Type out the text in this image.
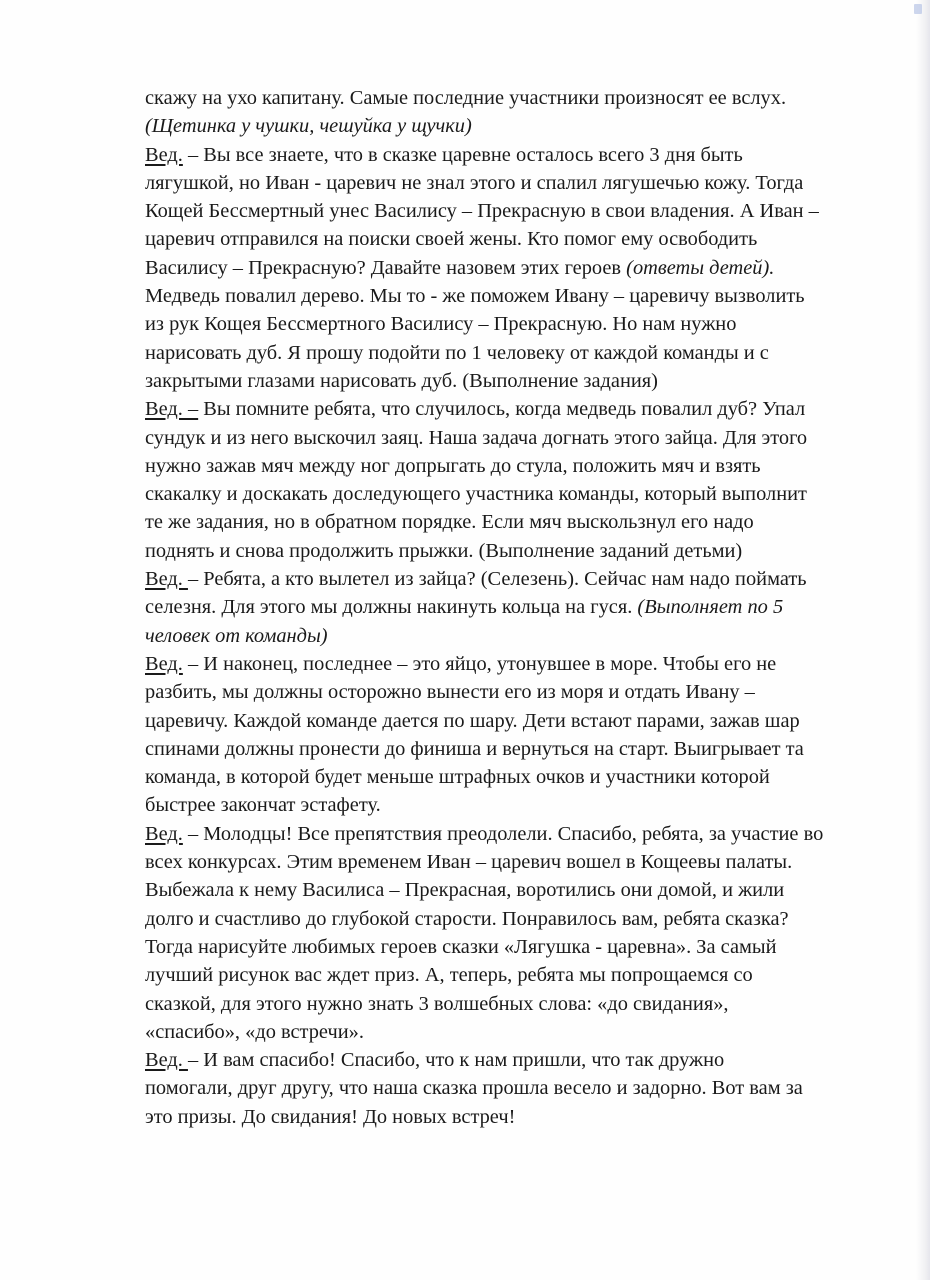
скажу на ухо капитану. Самые последние участники произносят ее вслух.
(Щетинка у чушки, чешуйка у щучки)
Вед. – Вы все знаете, что в сказке царевне осталось всего 3 дня быть
лягушкой, но Иван - царевич не знал этого и спалил лягушечью кожу. Тогда
Кощей Бессмертный унес Василису – Прекрасную в свои владения. А Иван –
царевич отправился на поиски своей жены. Кто помог ему освободить
Василису – Прекрасную? Давайте назовем этих героев (ответы детей).
Медведь повалил дерево. Мы то - же поможем Ивану – царевичу вызволить
из рук Кощея Бессмертного Василису – Прекрасную. Но нам нужно
нарисовать дуб. Я прошу подойти по 1 человеку от каждой команды и с
закрытыми глазами нарисовать дуб. (Выполнение задания)
Вед. – Вы помните ребята, что случилось, когда медведь повалил дуб? Упал
сундук и из него выскочил заяц. Наша задача догнать этого зайца. Для этого
нужно зажав мяч между ног допрыгать до стула, положить мяч и взять
скакалку и доскакать доследующего участника команды, который выполнит
те же задания, но в обратном порядке. Если мяч выскользнул его надо
поднять и снова продолжить прыжки. (Выполнение заданий детьми)
Вед. – Ребята, а кто вылетел из зайца? (Селезень). Сейчас нам надо поймать
селезня. Для этого мы должны накинуть кольца на гуся. (Выполняет по 5
человек от команды)
Вед. – И наконец, последнее – это яйцо, утонувшее в море. Чтобы его не
разбить, мы должны осторожно вынести его из моря и отдать Ивану –
царевичу. Каждой команде дается по шару. Дети встают парами, зажав шар
спинами должны пронести до финиша и вернуться на старт. Выигрывает та
команда, в которой будет меньше штрафных очков и участники которой
быстрее закончат эстафету.
Вед. – Молодцы! Все препятствия преодолели. Спасибо, ребята, за участие во
всех конкурсах. Этим временем Иван – царевич вошел в Кощеевы палаты.
Выбежала к нему Василиса – Прекрасная, воротились они домой, и жили
долго и счастливо до глубокой старости. Понравилось вам, ребята сказка?
Тогда нарисуйте любимых героев сказки «Лягушка - царевна». За самый
лучший рисунок вас ждет приз. А, теперь, ребята мы попрощаемся со
сказкой, для этого нужно знать 3 волшебных слова: «до свидания»,
«спасибо», «до встречи».
Вед. – И вам спасибо! Спасибо, что к нам пришли, что так дружно
помогали, друг другу, что наша сказка прошла весело и задорно. Вот вам за
это призы. До свидания! До новых встреч!
